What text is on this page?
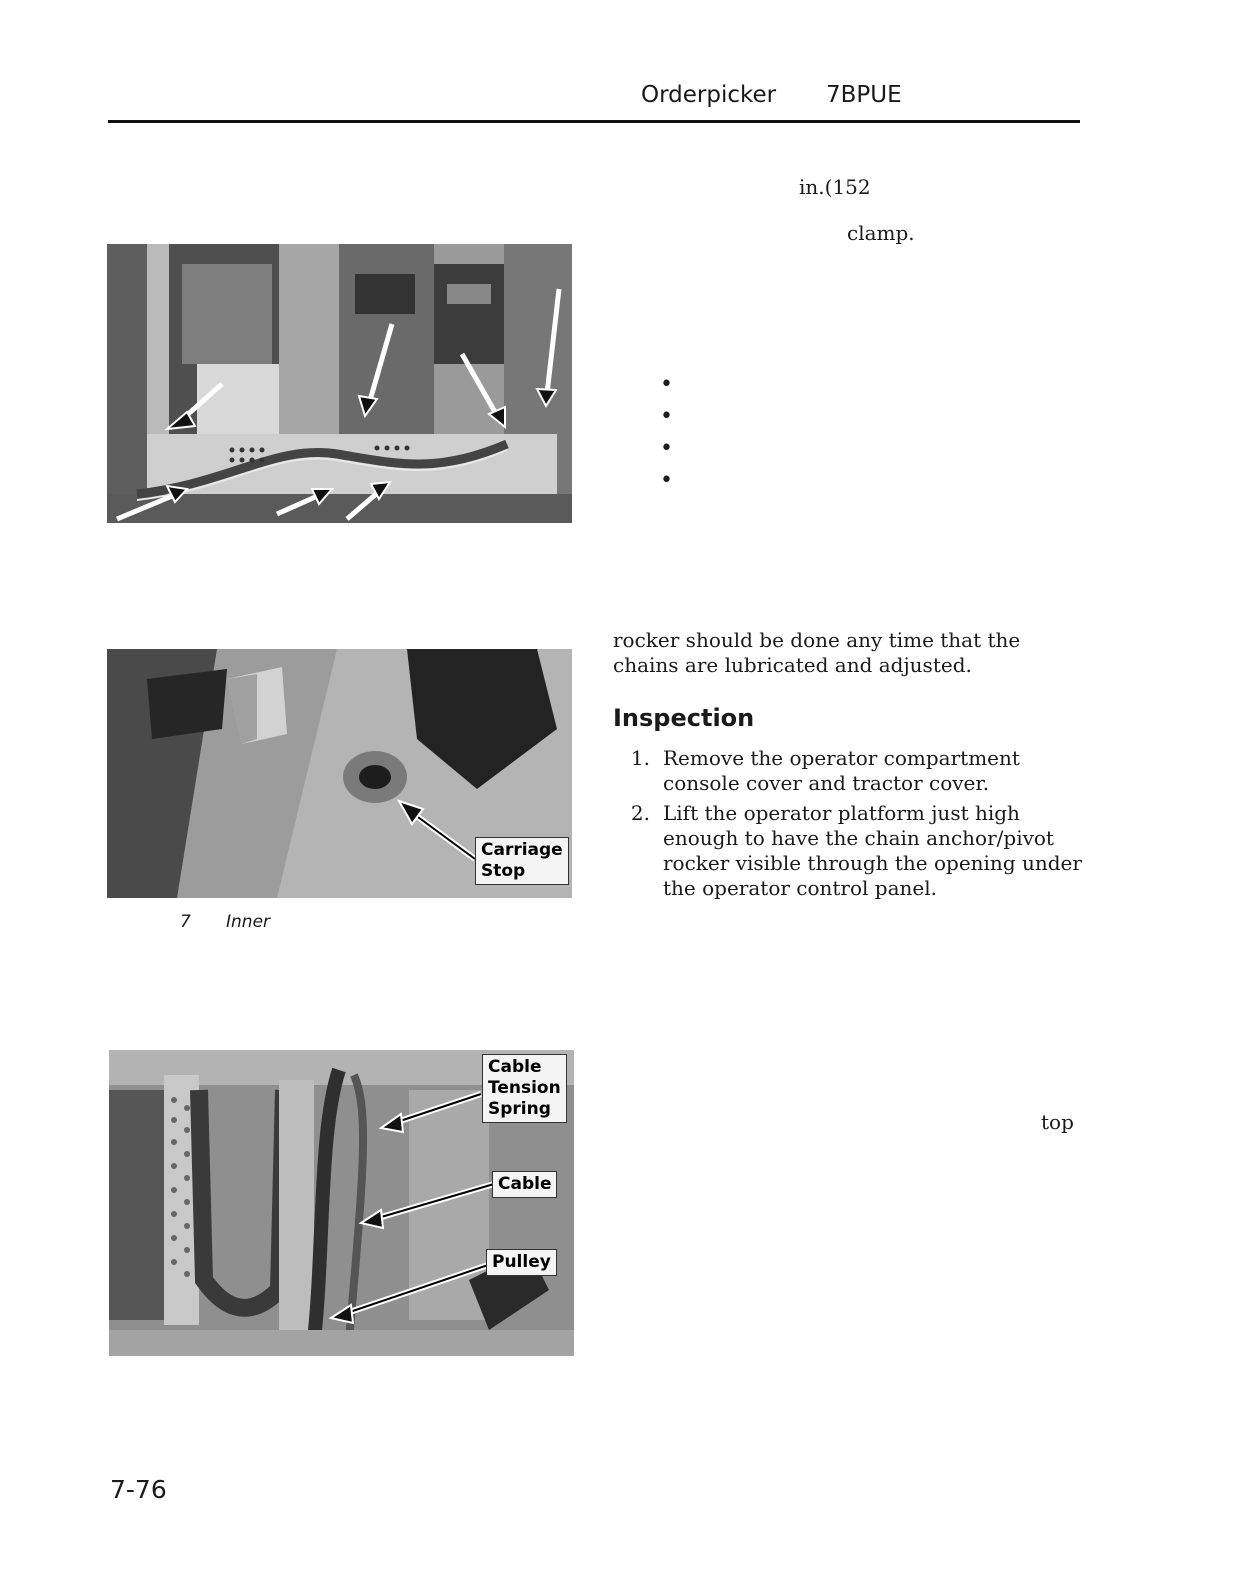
Orderpicker 7BPUE
in.(152
clamp.
•
•
•
•
rocker should be done any time that the chains are lubricated and adjusted.
Carriage
Stop
7 Inner
Inspection
1. Remove the operator compartment console cover and tractor cover.
2. Lift the operator platform just high enough to have the chain anchor/pivot rocker visible through the opening under the operator control panel.
top
Cable
Tension
Spring
Cable
Pulley
7-76
